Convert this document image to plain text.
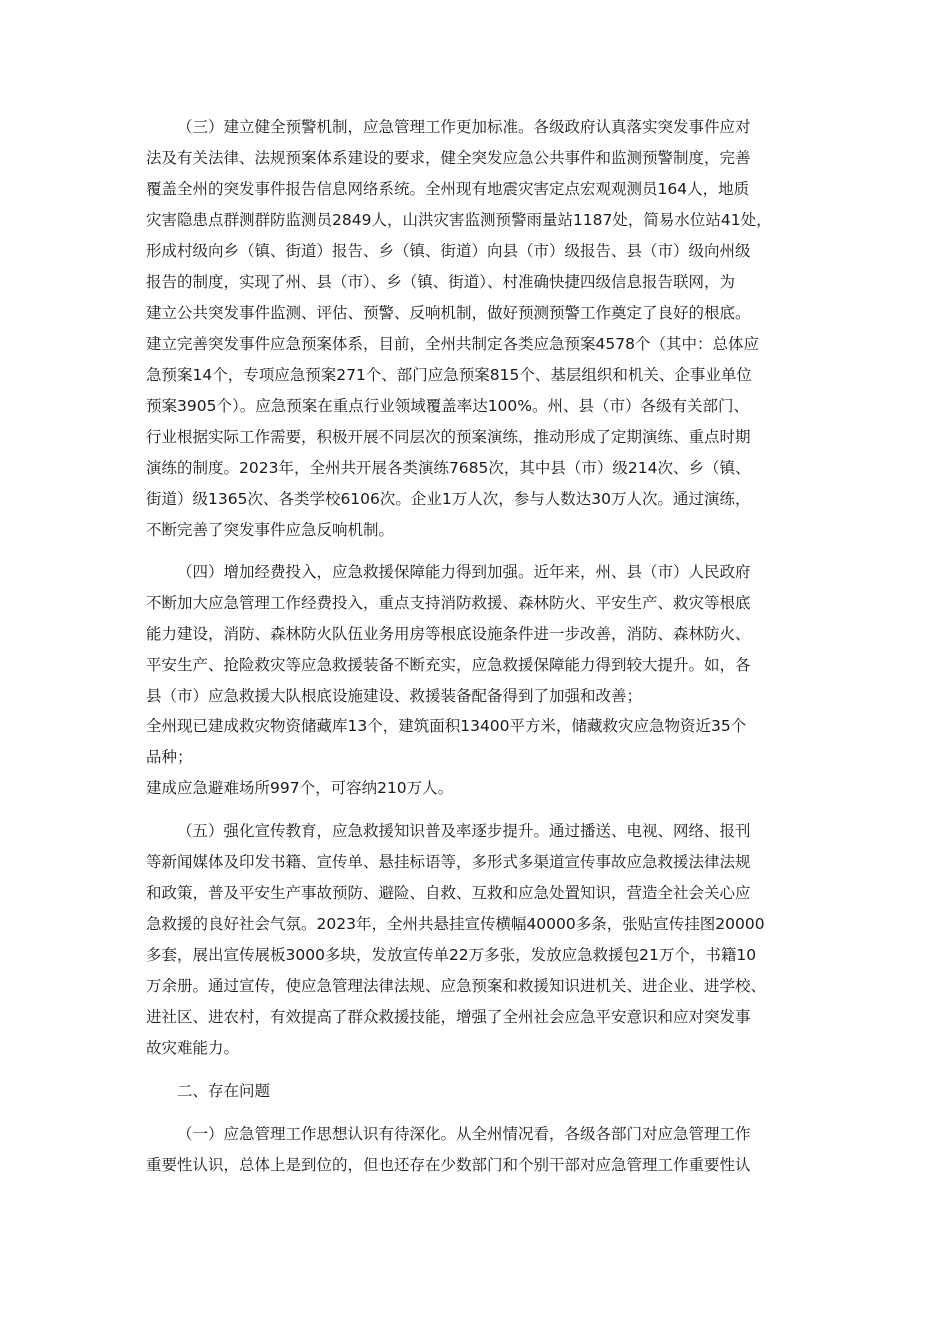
（三）建立健全预警机制，应急管理工作更加标准。各级政府认真落实突发事件应对
法及有关法律、法规预案体系建设的要求，健全突发应急公共事件和监测预警制度，完善
覆盖全州的突发事件报告信息网络系统。全州现有地震灾害定点宏观观测员164人，地质
灾害隐患点群测群防监测员2849人，山洪灾害监测预警雨量站1187处，简易水位站41处，
形成村级向乡（镇、街道）报告、乡（镇、街道）向县（市）级报告、县（市）级向州级
报告的制度，实现了州、县（市）、乡（镇、街道）、村准确快捷四级信息报告联网，为
建立公共突发事件监测、评估、预警、反响机制，做好预测预警工作奠定了良好的根底。
建立完善突发事件应急预案体系，目前，全州共制定各类应急预案4578个（其中：总体应
急预案14个，专项应急预案271个、部门应急预案815个、基层组织和机关、企事业单位
预案3905个）。应急预案在重点行业领域覆盖率达100%。州、县（市）各级有关部门、
行业根据实际工作需要，积极开展不同层次的预案演练，推动形成了定期演练、重点时期
演练的制度。2023年，全州共开展各类演练7685次，其中县（市）级214次、乡（镇、
街道）级1365次、各类学校6106次。企业1万人次，参与人数达30万人次。通过演练，
不断完善了突发事件应急反响机制。
（四）增加经费投入，应急救援保障能力得到加强。近年来，州、县（市）人民政府
不断加大应急管理工作经费投入，重点支持消防救援、森林防火、平安生产、救灾等根底
能力建设，消防、森林防火队伍业务用房等根底设施条件进一步改善，消防、森林防火、
平安生产、抢险救灾等应急救援装备不断充实，应急救援保障能力得到较大提升。如，各
县（市）应急救援大队根底设施建设、救援装备配备得到了加强和改善；
全州现已建成救灾物资储藏库13个，建筑面积13400平方米，储藏救灾应急物资近35个
品种；
建成应急避难场所997个，可容纳210万人。
（五）强化宣传教育，应急救援知识普及率逐步提升。通过播送、电视、网络、报刊
等新闻媒体及印发书籍、宣传单、悬挂标语等，多形式多渠道宣传事故应急救援法律法规
和政策，普及平安生产事故预防、避险、自救、互救和应急处置知识，营造全社会关心应
急救援的良好社会气氛。2023年，全州共悬挂宣传横幅40000多条，张贴宣传挂图20000
多套，展出宣传展板3000多块，发放宣传单22万多张，发放应急救援包21万个，书籍10
万余册。通过宣传，使应急管理法律法规、应急预案和救援知识进机关、进企业、进学校、
进社区、进农村，有效提高了群众救援技能，增强了全州社会应急平安意识和应对突发事
故灾难能力。
二、存在问题
（一）应急管理工作思想认识有待深化。从全州情况看，各级各部门对应急管理工作
重要性认识，总体上是到位的，但也还存在少数部门和个别干部对应急管理工作重要性认
